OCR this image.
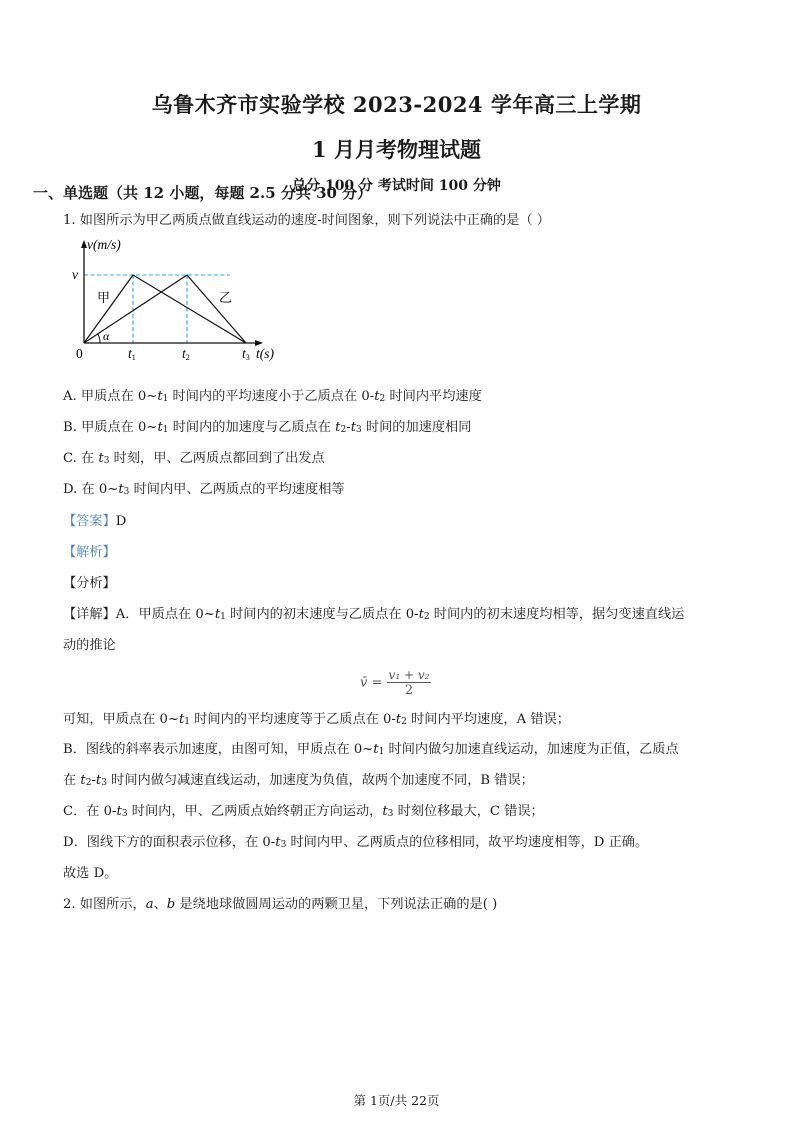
乌鲁木齐市实验学校 2023-2024 学年高三上学期
1 月月考物理试题
总分 100 分 考试时间 100 分钟
一、单选题（共 12 小题，每题 2.5 分共 30 分）
1. 如图所示为甲乙两质点做直线运动的速度-时间图象，则下列说法中正确的是（ ）
v(m/s)
v
甲	乙
α
0	t1	t2	t3 t(s)
A. 甲质点在 0~t1 时间内的平均速度小于乙质点在 0-t2 时间内平均速度
B. 甲质点在 0~t1 时间内的加速度与乙质点在 t2-t3 时间的加速度相同
C. 在 t3 时刻，甲、乙两质点都回到了出发点
D. 在 0~t3 时间内甲、乙两质点的平均速度相等
【答案】D
【解析】
【分析】
【详解】A．甲质点在 0~t1 时间内的初末速度与乙质点在 0-t2 时间内的初末速度均相等，据匀变速直线运
动的推论
v̄ = $\frac{\text{v₁ + v₂}}{2}$
可知，甲质点在 0~t1 时间内的平均速度等于乙质点在 0-t2 时间内平均速度，A 错误；
B．图线的斜率表示加速度，由图可知，甲质点在 0~t1 时间内做匀加速直线运动，加速度为正值，乙质点
在 t2-t3 时间内做匀减速直线运动，加速度为负值，故两个加速度不同，B 错误；
C．在 0-t3 时间内，甲、乙两质点始终朝正方向运动，t3 时刻位移最大，C 错误；
D．图线下方的面积表示位移，在 0-t3 时间内甲、乙两质点的位移相同，故平均速度相等，D 正确。
故选 D。
2. 如图所示，a、b 是绕地球做圆周运动的两颗卫星，下列说法正确的是( )
第 1页/共 22页
